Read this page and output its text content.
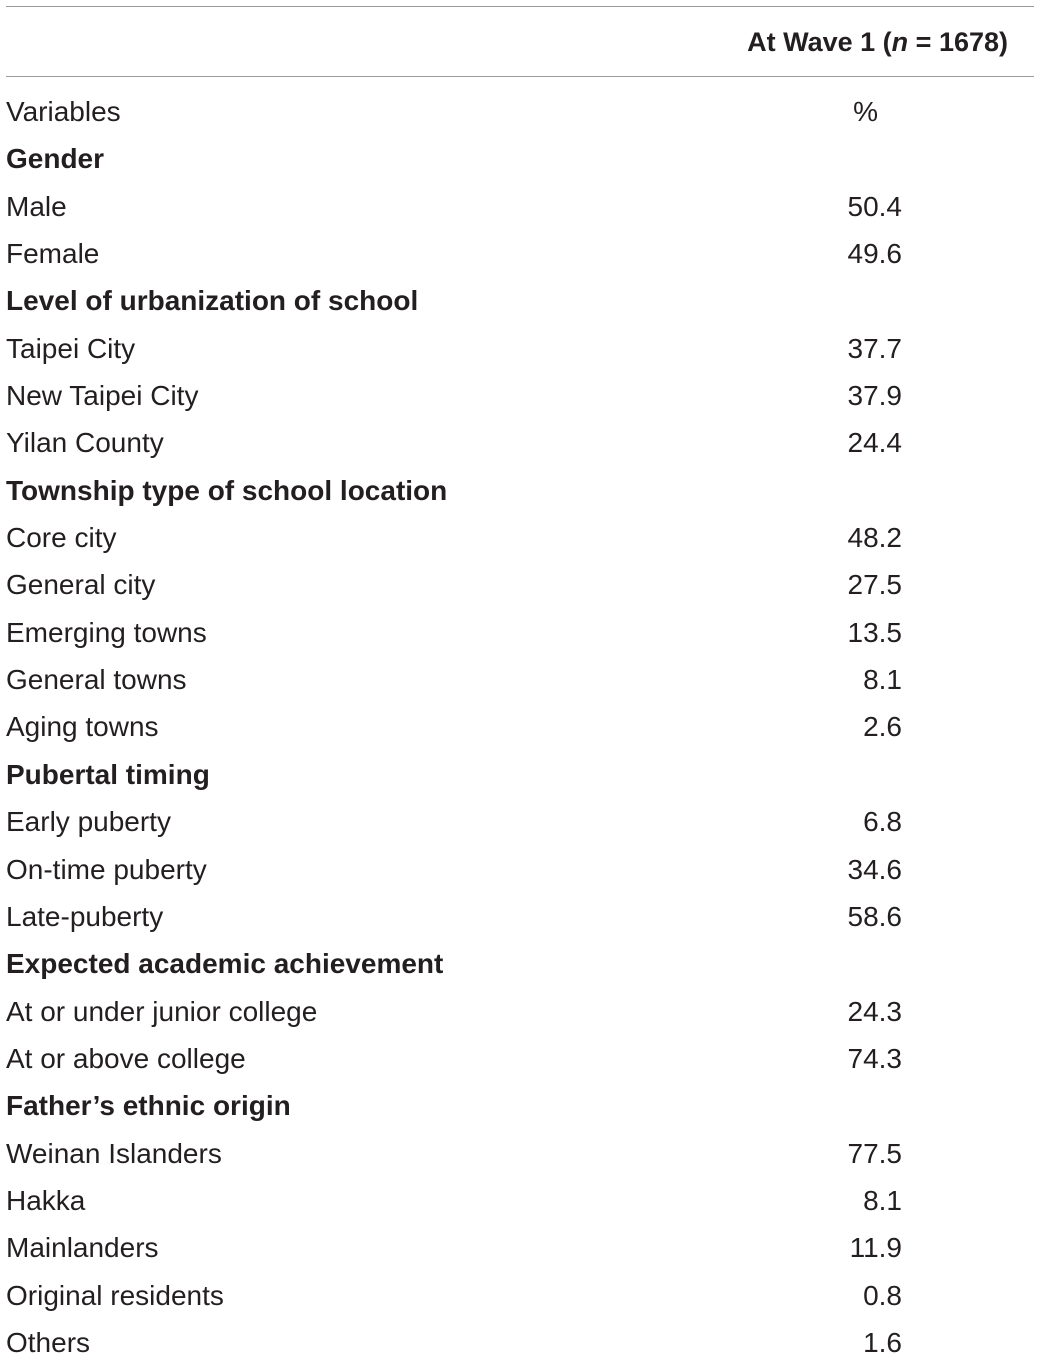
At Wave 1 (n = 1678)
Variables	%
Gender
Male	50.4
Female	49.6
Level of urbanization of school
Taipei City	37.7
New Taipei City	37.9
Yilan County	24.4
Township type of school location
Core city	48.2
General city	27.5
Emerging towns	13.5
General towns	8.1
Aging towns	2.6
Pubertal timing
Early puberty	6.8
On-time puberty	34.6
Late-puberty	58.6
Expected academic achievement
At or under junior college	24.3
At or above college	74.3
Father’s ethnic origin
Weinan Islanders	77.5
Hakka	8.1
Mainlanders	11.9
Original residents	0.8
Others	1.6
